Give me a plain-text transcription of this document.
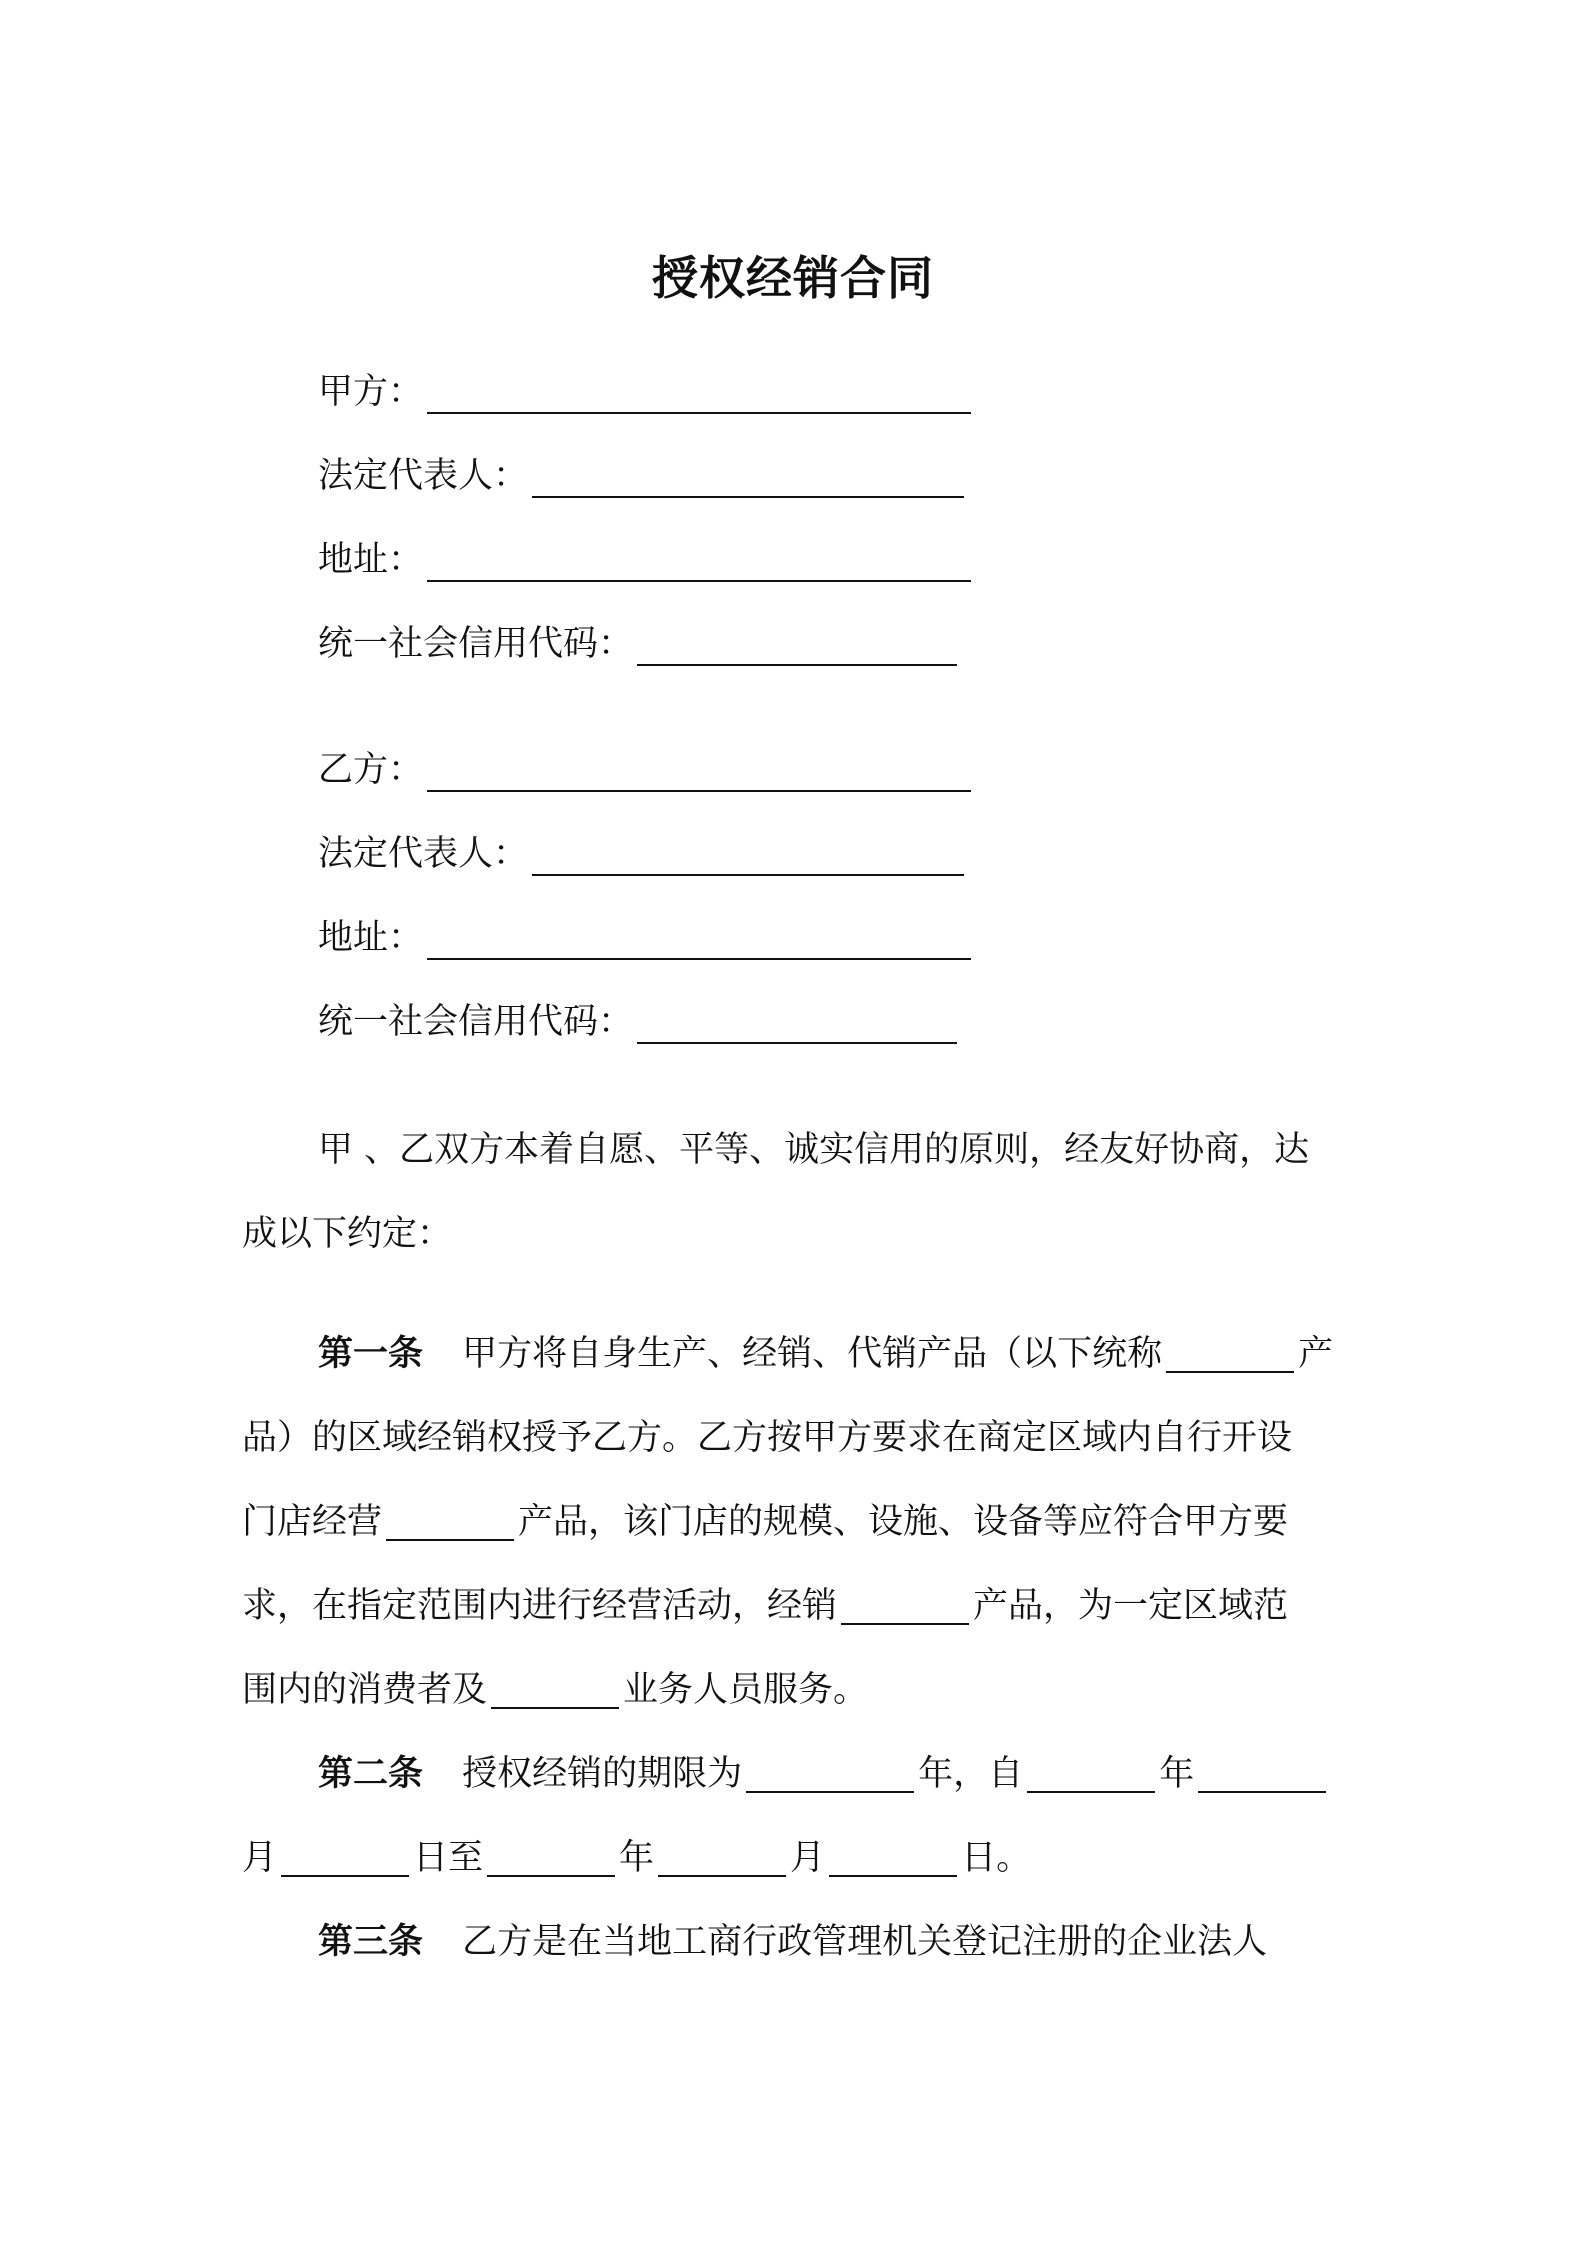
授权经销合同
甲方：
法定代表人：
地址：
统一社会信用代码：
乙方：
法定代表人：
地址：
统一社会信用代码：
甲 、乙双方本着自愿、平等、诚实信用的原则，经友好协商，达
成以下约定：
第一条 甲方将自身生产、经销、代销产品（以下统称	产
品）的区域经销权授予乙方。乙方按甲方要求在商定区域内自行开设
门店经营	产品，该门店的规模、设施、设备等应符合甲方要
求，在指定范围内进行经营活动，经销	产品，为一定区域范
围内的消费者及	业务人员服务。
第二条 授权经销的期限为	年，自	年
月	日至	年	月	日。
第三条 乙方是在当地工商行政管理机关登记注册的企业法人
